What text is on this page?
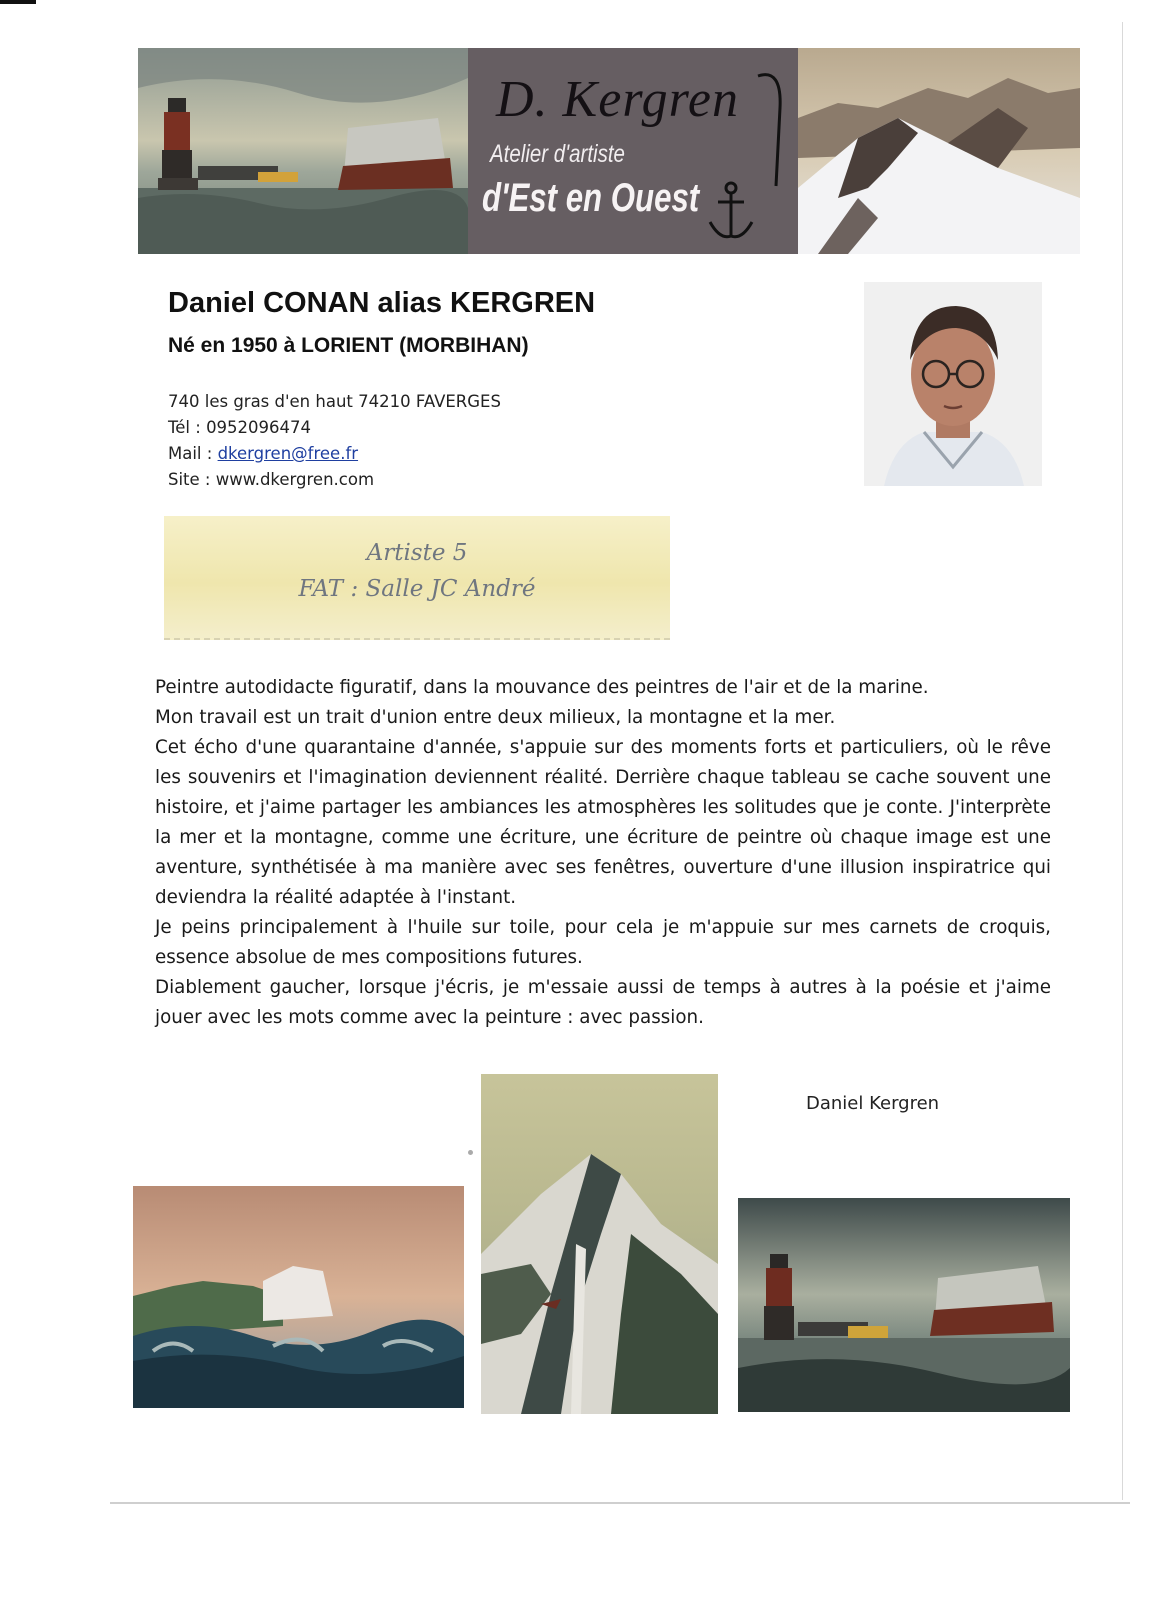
D. Kergren
Atelier d'artiste
d'Est en Ouest
Daniel CONAN alias KERGREN
Né en 1950 à LORIENT (MORBIHAN)
740 les gras d'en haut 74210 FAVERGES
Tél : 0952096474
Mail : dkergren@free.fr
Site : www.dkergren.com
Artiste 5
FAT : Salle JC André

Peintre autodidacte figuratif, dans la mouvance des peintres de l'air et de la marine.

Mon travail est un trait d'union entre deux milieux, la montagne et la mer.

Cet écho d'une quarantaine d'année, s'appuie sur des moments forts et particuliers, où le rêve les souvenirs et l'imagination deviennent réalité. Derrière chaque tableau se cache souvent une histoire, et j'aime partager les ambiances les atmosphères les solitudes que je conte. J'interprète la mer et la montagne, comme une écriture, une écriture de peintre où chaque image est une aventure, synthétisée à ma manière avec ses fenêtres, ouverture d'une illusion inspiratrice qui deviendra la réalité adaptée à l'instant.

Je peins principalement à l'huile sur toile, pour cela je m'appuie sur mes carnets de croquis, essence absolue de mes compositions futures.

Diablement gaucher, lorsque j'écris, je m'essaie aussi de temps à autres à la poésie et j'aime jouer avec les mots comme avec la peinture : avec passion.

Daniel Kergren
